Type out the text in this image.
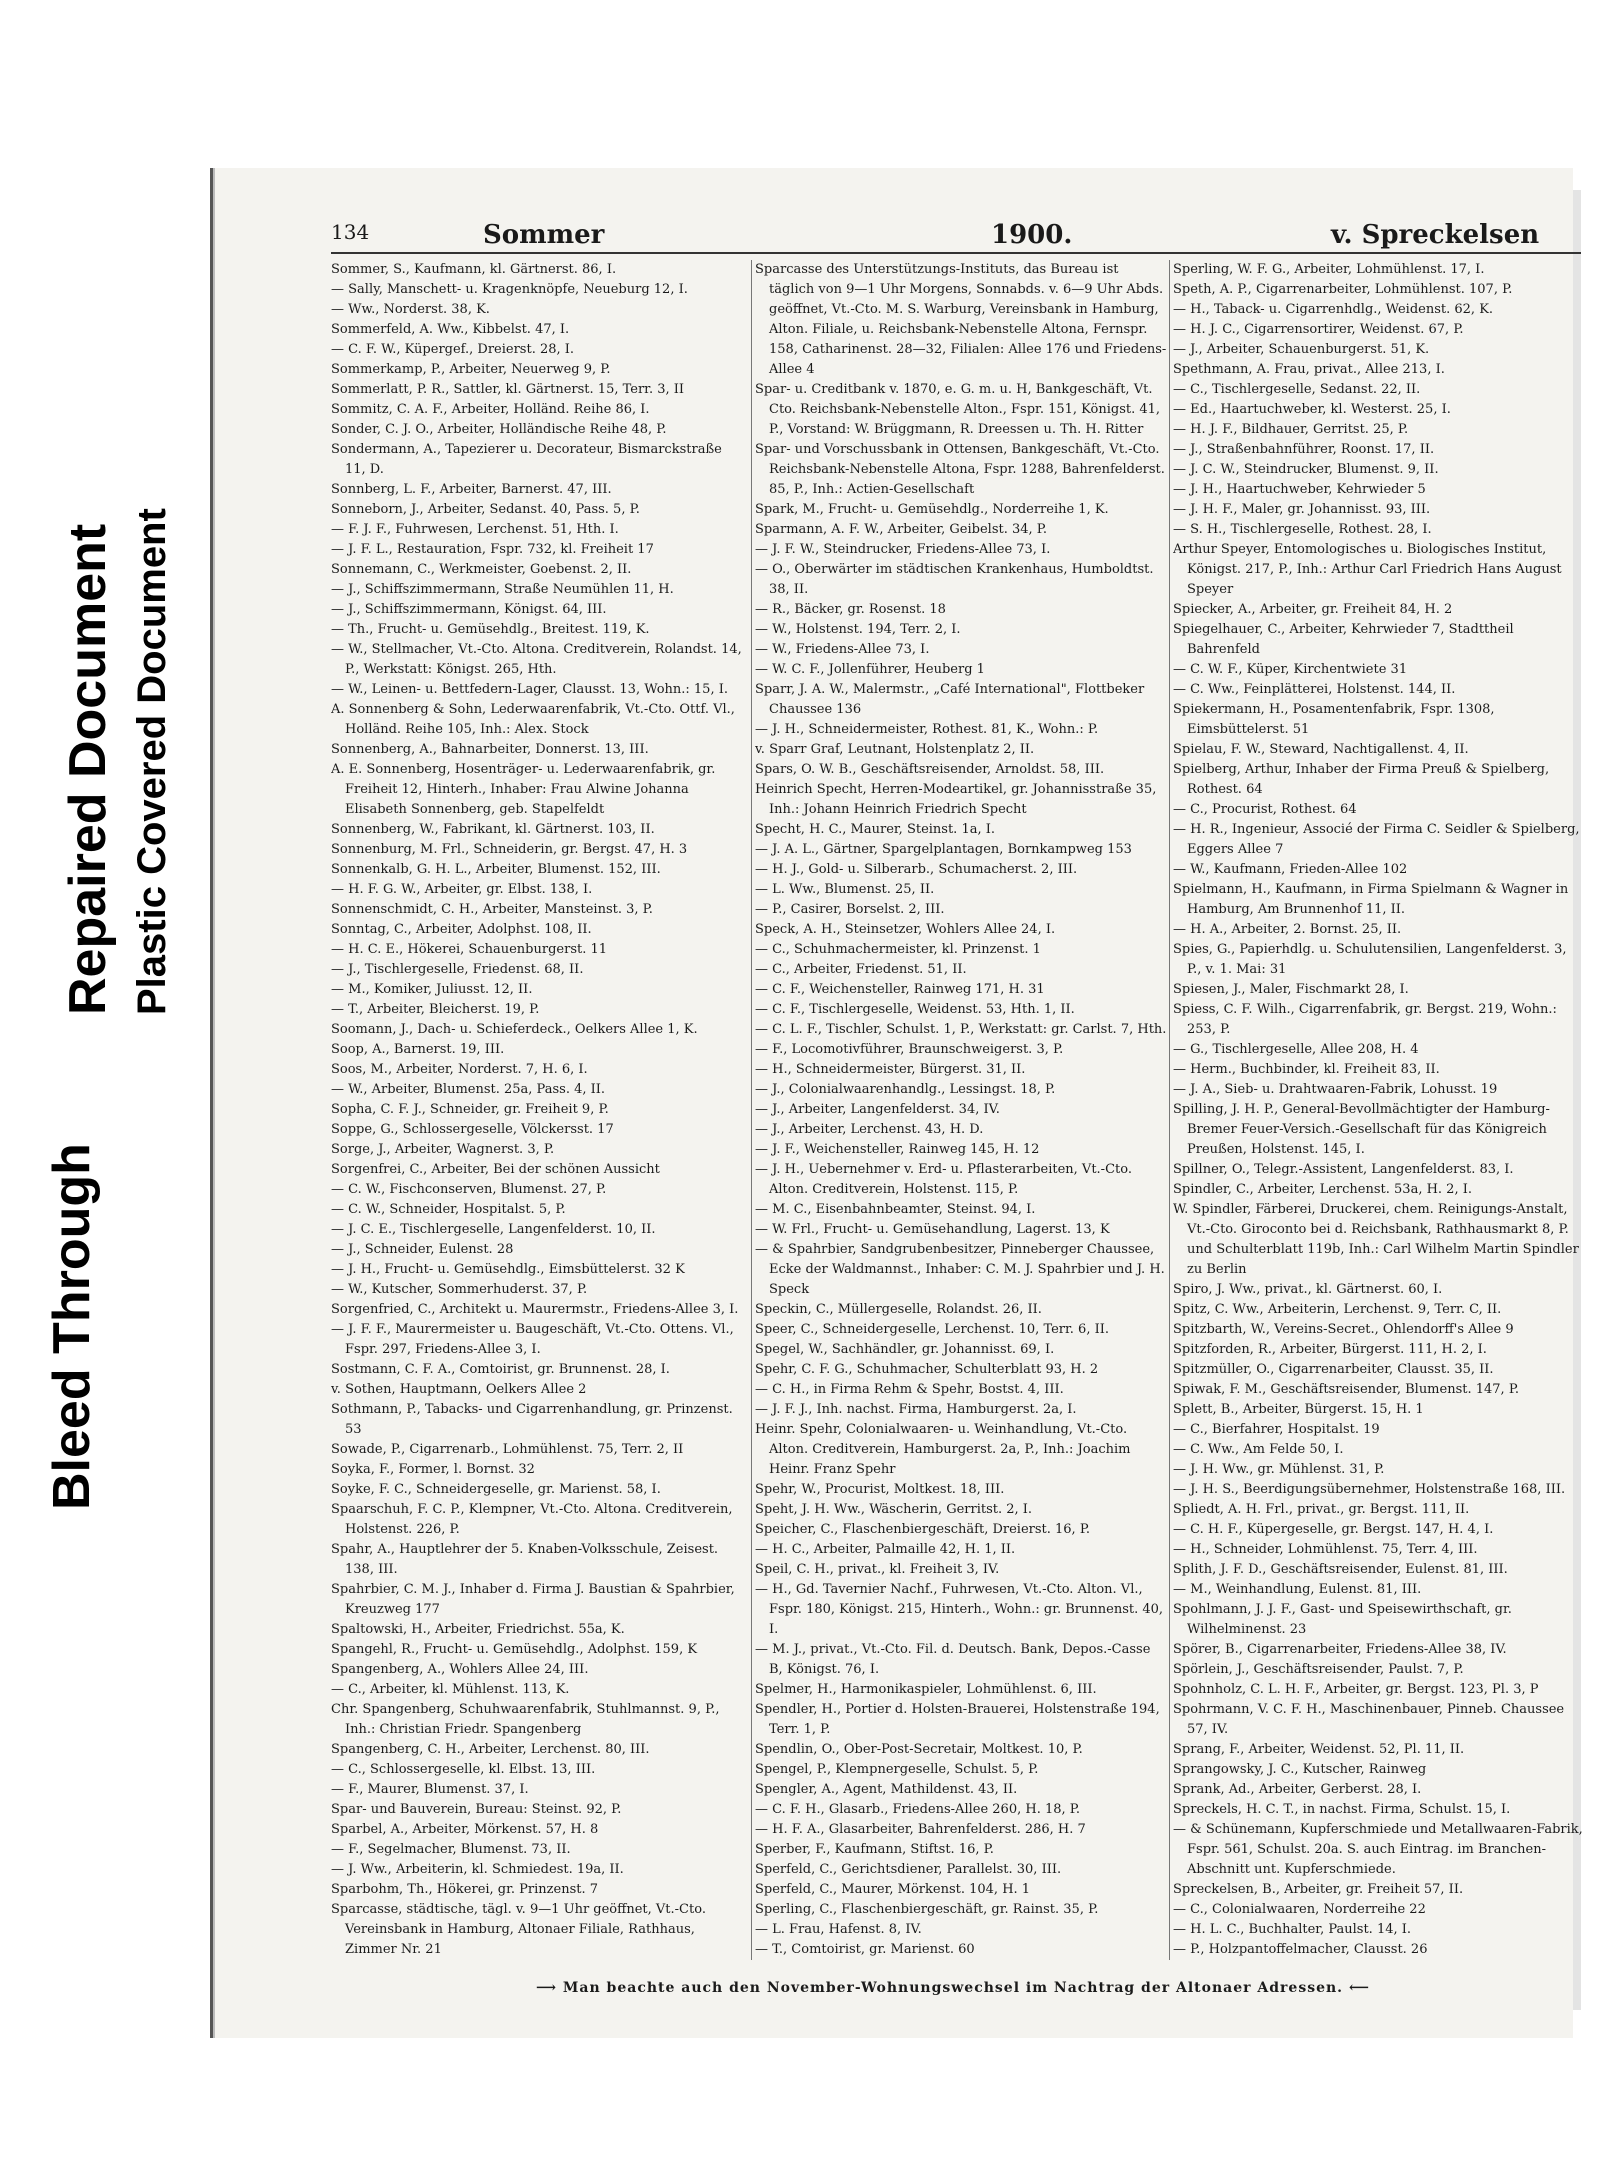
Bleed Through
Repaired Document Plastic Covered Document
134	Sommer	1900.	v. Spreckelsen

Sommer, S., Kaufmann, kl. Gärtnerst. 86, I.

— Sally, Manschett- u. Kragenknöpfe, Neueburg 12, I.

— Ww., Norderst. 38, K.

Sommerfeld, A. Ww., Kibbelst. 47, I.

— C. F. W., Küpergef., Dreierst. 28, I.

Sommerkamp, P., Arbeiter, Neuerweg 9, P.

Sommerlatt, P. R., Sattler, kl. Gärtnerst. 15, Terr. 3, II

Sommitz, C. A. F., Arbeiter, Holländ. Reihe 86, I.

Sonder, C. J. O., Arbeiter, Holländische Reihe 48, P.

Sondermann, A., Tapezierer u. Decorateur, Bismarckstraße 11, D.

Sonnberg, L. F., Arbeiter, Barnerst. 47, III.

Sonneborn, J., Arbeiter, Sedanst. 40, Pass. 5, P.

— F. J. F., Fuhrwesen, Lerchenst. 51, Hth. I.

— J. F. L., Restauration, Fspr. 732, kl. Freiheit 17

Sonnemann, C., Werkmeister, Goebenst. 2, II.

— J., Schiffszimmermann, Straße Neumühlen 11, H.

— J., Schiffszimmermann, Königst. 64, III.

— Th., Frucht- u. Gemüsehdlg., Breitest. 119, K.

— W., Stellmacher, Vt.-Cto. Altona. Creditverein, Rolandst. 14, P., Werkstatt: Königst. 265, Hth.

— W., Leinen- u. Bettfedern-Lager, Clausst. 13, Wohn.: 15, I.

A. Sonnenberg & Sohn, Lederwaarenfabrik, Vt.-Cto. Ottf. Vl., Holländ. Reihe 105, Inh.: Alex. Stock

Sonnenberg, A., Bahnarbeiter, Donnerst. 13, III.

A. E. Sonnenberg, Hosenträger- u. Lederwaarenfabrik, gr. Freiheit 12, Hinterh., Inhaber: Frau Alwine Johanna Elisabeth Sonnenberg, geb. Stapelfeldt

Sonnenberg, W., Fabrikant, kl. Gärtnerst. 103, II.

Sonnenburg, M. Frl., Schneiderin, gr. Bergst. 47, H. 3

Sonnenkalb, G. H. L., Arbeiter, Blumenst. 152, III.

— H. F. G. W., Arbeiter, gr. Elbst. 138, I.

Sonnenschmidt, C. H., Arbeiter, Mansteinst. 3, P.

Sonntag, C., Arbeiter, Adolphst. 108, II.

— H. C. E., Hökerei, Schauenburgerst. 11

— J., Tischlergeselle, Friedenst. 68, II.

— M., Komiker, Juliusst. 12, II.

— T., Arbeiter, Bleicherst. 19, P.

Soomann, J., Dach- u. Schieferdeck., Oelkers Allee 1, K.

Soop, A., Barnerst. 19, III.

Soos, M., Arbeiter, Norderst. 7, H. 6, I.

— W., Arbeiter, Blumenst. 25a, Pass. 4, II.

Sopha, C. F. J., Schneider, gr. Freiheit 9, P.

Soppe, G., Schlossergeselle, Völckersst. 17

Sorge, J., Arbeiter, Wagnerst. 3, P.

Sorgenfrei, C., Arbeiter, Bei der schönen Aussicht

— C. W., Fischconserven, Blumenst. 27, P.

— C. W., Schneider, Hospitalst. 5, P.

— J. C. E., Tischlergeselle, Langenfelderst. 10, II.

— J., Schneider, Eulenst. 28

— J. H., Frucht- u. Gemüsehdlg., Eimsbüttelerst. 32 K

— W., Kutscher, Sommerhuderst. 37, P.

Sorgenfried, C., Architekt u. Maurermstr., Friedens-Allee 3, I.

— J. F. F., Maurermeister u. Baugeschäft, Vt.-Cto. Ottens. Vl., Fspr. 297, Friedens-Allee 3, I.

Sostmann, C. F. A., Comtoirist, gr. Brunnenst. 28, I.

v. Sothen, Hauptmann, Oelkers Allee 2

Sothmann, P., Tabacks- und Cigarrenhandlung, gr. Prinzenst. 53

Sowade, P., Cigarrenarb., Lohmühlenst. 75, Terr. 2, II

Soyka, F., Former, l. Bornst. 32

Soyke, F. C., Schneidergeselle, gr. Marienst. 58, I.

Spaarschuh, F. C. P., Klempner, Vt.-Cto. Altona. Creditverein, Holstenst. 226, P.

Spahr, A., Hauptlehrer der 5. Knaben-Volksschule, Zeisest. 138, III.

Spahrbier, C. M. J., Inhaber d. Firma J. Baustian & Spahrbier, Kreuzweg 177

Spaltowski, H., Arbeiter, Friedrichst. 55a, K.

Spangehl, R., Frucht- u. Gemüsehdlg., Adolphst. 159, K

Spangenberg, A., Wohlers Allee 24, III.

— C., Arbeiter, kl. Mühlenst. 113, K.

Chr. Spangenberg, Schuhwaarenfabrik, Stuhlmannst. 9, P., Inh.: Christian Friedr. Spangenberg

Spangenberg, C. H., Arbeiter, Lerchenst. 80, III.

— C., Schlossergeselle, kl. Elbst. 13, III.

— F., Maurer, Blumenst. 37, I.

Spar- und Bauverein, Bureau: Steinst. 92, P.

Sparbel, A., Arbeiter, Mörkenst. 57, H. 8

— F., Segelmacher, Blumenst. 73, II.

— J. Ww., Arbeiterin, kl. Schmiedest. 19a, II.

Sparbohm, Th., Hökerei, gr. Prinzenst. 7

Sparcasse, städtische, tägl. v. 9—1 Uhr geöffnet, Vt.-Cto. Vereinsbank in Hamburg, Altonaer Filiale, Rathhaus, Zimmer Nr. 21

Sparcasse des Unterstützungs-Instituts, das Bureau ist täglich von 9—1 Uhr Morgens, Sonnabds. v. 6—9 Uhr Abds. geöffnet, Vt.-Cto. M. S. Warburg, Vereinsbank in Hamburg, Alton. Filiale, u. Reichsbank-Nebenstelle Altona, Fernspr. 158, Catharinenst. 28—32, Filialen: Allee 176 und Friedens-Allee 4

Spar- u. Creditbank v. 1870, e. G. m. u. H, Bankgeschäft, Vt. Cto. Reichsbank-Nebenstelle Alton., Fspr. 151, Königst. 41, P., Vorstand: W. Brüggmann, R. Dreessen u. Th. H. Ritter

Spar- und Vorschussbank in Ottensen, Bankgeschäft, Vt.-Cto. Reichsbank-Nebenstelle Altona, Fspr. 1288, Bahrenfelderst. 85, P., Inh.: Actien-Gesellschaft

Spark, M., Frucht- u. Gemüsehdlg., Norderreihe 1, K.

Sparmann, A. F. W., Arbeiter, Geibelst. 34, P.

— J. F. W., Steindrucker, Friedens-Allee 73, I.

— O., Oberwärter im städtischen Krankenhaus, Humboldtst. 38, II.

— R., Bäcker, gr. Rosenst. 18

— W., Holstenst. 194, Terr. 2, I.

— W., Friedens-Allee 73, I.

— W. C. F., Jollenführer, Heuberg 1

Sparr, J. A. W., Malermstr., „Café International", Flottbeker Chaussee 136

— J. H., Schneidermeister, Rothest. 81, K., Wohn.: P.

v. Sparr Graf, Leutnant, Holstenplatz 2, II.

Spars, O. W. B., Geschäftsreisender, Arnoldst. 58, III.

Heinrich Specht, Herren-Modeartikel, gr. Johannisstraße 35, Inh.: Johann Heinrich Friedrich Specht

Specht, H. C., Maurer, Steinst. 1a, I.

— J. A. L., Gärtner, Spargelplantagen, Bornkampweg 153

— H. J., Gold- u. Silberarb., Schumacherst. 2, III.

— L. Ww., Blumenst. 25, II.

— P., Casirer, Borselst. 2, III.

Speck, A. H., Steinsetzer, Wohlers Allee 24, I.

— C., Schuhmachermeister, kl. Prinzenst. 1

— C., Arbeiter, Friedenst. 51, II.

— C. F., Weichensteller, Rainweg 171, H. 31

— C. F., Tischlergeselle, Weidenst. 53, Hth. 1, II.

— C. L. F., Tischler, Schulst. 1, P., Werkstatt: gr. Carlst. 7, Hth.

— F., Locomotivführer, Braunschweigerst. 3, P.

— H., Schneidermeister, Bürgerst. 31, II.

— J., Colonialwaarenhandlg., Lessingst. 18, P.

— J., Arbeiter, Langenfelderst. 34, IV.

— J., Arbeiter, Lerchenst. 43, H. D.

— J. F., Weichensteller, Rainweg 145, H. 12

— J. H., Uebernehmer v. Erd- u. Pflasterarbeiten, Vt.-Cto. Alton. Creditverein, Holstenst. 115, P.

— M. C., Eisenbahnbeamter, Steinst. 94, I.

— W. Frl., Frucht- u. Gemüsehandlung, Lagerst. 13, K

— & Spahrbier, Sandgrubenbesitzer, Pinneberger Chaussee, Ecke der Waldmannst., Inhaber: C. M. J. Spahrbier und J. H. Speck

Speckin, C., Müllergeselle, Rolandst. 26, II.

Speer, C., Schneidergeselle, Lerchenst. 10, Terr. 6, II.

Spegel, W., Sachhändler, gr. Johannisst. 69, I.

Spehr, C. F. G., Schuhmacher, Schulterblatt 93, H. 2

— C. H., in Firma Rehm & Spehr, Bostst. 4, III.

— J. F. J., Inh. nachst. Firma, Hamburgerst. 2a, I.

Heinr. Spehr, Colonialwaaren- u. Weinhandlung, Vt.-Cto. Alton. Creditverein, Hamburgerst. 2a, P., Inh.: Joachim Heinr. Franz Spehr

Spehr, W., Procurist, Moltkest. 18, III.

Speht, J. H. Ww., Wäscherin, Gerritst. 2, I.

Speicher, C., Flaschenbiergeschäft, Dreierst. 16, P.

— H. C., Arbeiter, Palmaille 42, H. 1, II.

Speil, C. H., privat., kl. Freiheit 3, IV.

— H., Gd. Tavernier Nachf., Fuhrwesen, Vt.-Cto. Alton. Vl., Fspr. 180, Königst. 215, Hinterh., Wohn.: gr. Brunnenst. 40, I.

— M. J., privat., Vt.-Cto. Fil. d. Deutsch. Bank, Depos.-Casse B, Königst. 76, I.

Spelmer, H., Harmonikaspieler, Lohmühlenst. 6, III.

Spendler, H., Portier d. Holsten-Brauerei, Holstenstraße 194, Terr. 1, P.

Spendlin, O., Ober-Post-Secretair, Moltkest. 10, P.

Spengel, P., Klempnergeselle, Schulst. 5, P.

Spengler, A., Agent, Mathildenst. 43, II.

— C. F. H., Glasarb., Friedens-Allee 260, H. 18, P.

— H. F. A., Glasarbeiter, Bahrenfelderst. 286, H. 7

Sperber, F., Kaufmann, Stiftst. 16, P.

Sperfeld, C., Gerichtsdiener, Parallelst. 30, III.

Sperfeld, C., Maurer, Mörkenst. 104, H. 1

Sperling, C., Flaschenbiergeschäft, gr. Rainst. 35, P.

— L. Frau, Hafenst. 8, IV.

— T., Comtoirist, gr. Marienst. 60

Sperling, W. F. G., Arbeiter, Lohmühlenst. 17, I.

Speth, A. P., Cigarrenarbeiter, Lohmühlenst. 107, P.

— H., Taback- u. Cigarrenhdlg., Weidenst. 62, K.

— H. J. C., Cigarrensortirer, Weidenst. 67, P.

— J., Arbeiter, Schauenburgerst. 51, K.

Spethmann, A. Frau, privat., Allee 213, I.

— C., Tischlergeselle, Sedanst. 22, II.

— Ed., Haartuchweber, kl. Westerst. 25, I.

— H. J. F., Bildhauer, Gerritst. 25, P.

— J., Straßenbahnführer, Roonst. 17, II.

— J. C. W., Steindrucker, Blumenst. 9, II.

— J. H., Haartuchweber, Kehrwieder 5

— J. H. F., Maler, gr. Johannisst. 93, III.

— S. H., Tischlergeselle, Rothest. 28, I.

Arthur Speyer, Entomologisches u. Biologisches Institut, Königst. 217, P., Inh.: Arthur Carl Friedrich Hans August Speyer

Spiecker, A., Arbeiter, gr. Freiheit 84, H. 2

Spiegelhauer, C., Arbeiter, Kehrwieder 7, Stadttheil Bahrenfeld

— C. W. F., Küper, Kirchentwiete 31

— C. Ww., Feinplätterei, Holstenst. 144, II.

Spiekermann, H., Posamentenfabrik, Fspr. 1308, Eimsbüttelerst. 51

Spielau, F. W., Steward, Nachtigallenst. 4, II.

Spielberg, Arthur, Inhaber der Firma Preuß & Spielberg, Rothest. 64

— C., Procurist, Rothest. 64

— H. R., Ingenieur, Associé der Firma C. Seidler & Spielberg, Eggers Allee 7

— W., Kaufmann, Frieden-Allee 102

Spielmann, H., Kaufmann, in Firma Spielmann & Wagner in Hamburg, Am Brunnenhof 11, II.

— H. A., Arbeiter, 2. Bornst. 25, II.

Spies, G., Papierhdlg. u. Schulutensilien, Langenfelderst. 3, P., v. 1. Mai: 31

Spiesen, J., Maler, Fischmarkt 28, I.

Spiess, C. F. Wilh., Cigarrenfabrik, gr. Bergst. 219, Wohn.: 253, P.

— G., Tischlergeselle, Allee 208, H. 4

— Herm., Buchbinder, kl. Freiheit 83, II.

— J. A., Sieb- u. Drahtwaaren-Fabrik, Lohusst. 19

Spilling, J. H. P., General-Bevollmächtigter der Hamburg-Bremer Feuer-Versich.-Gesellschaft für das Königreich Preußen, Holstenst. 145, I.

Spillner, O., Telegr.-Assistent, Langenfelderst. 83, I.

Spindler, C., Arbeiter, Lerchenst. 53a, H. 2, I.

W. Spindler, Färberei, Druckerei, chem. Reinigungs-Anstalt, Vt.-Cto. Giroconto bei d. Reichsbank, Rathhausmarkt 8, P. und Schulterblatt 119b, Inh.: Carl Wilhelm Martin Spindler zu Berlin

Spiro, J. Ww., privat., kl. Gärtnerst. 60, I.

Spitz, C. Ww., Arbeiterin, Lerchenst. 9, Terr. C, II.

Spitzbarth, W., Vereins-Secret., Ohlendorff's Allee 9

Spitzforden, R., Arbeiter, Bürgerst. 111, H. 2, I.

Spitzmüller, O., Cigarrenarbeiter, Clausst. 35, II.

Spiwak, F. M., Geschäftsreisender, Blumenst. 147, P.

Splett, B., Arbeiter, Bürgerst. 15, H. 1

— C., Bierfahrer, Hospitalst. 19

— C. Ww., Am Felde 50, I.

— J. H. Ww., gr. Mühlenst. 31, P.

— J. H. S., Beerdigungsübernehmer, Holstenstraße 168, III.

Spliedt, A. H. Frl., privat., gr. Bergst. 111, II.

— C. H. F., Küpergeselle, gr. Bergst. 147, H. 4, I.

— H., Schneider, Lohmühlenst. 75, Terr. 4, III.

Splith, J. F. D., Geschäftsreisender, Eulenst. 81, III.

— M., Weinhandlung, Eulenst. 81, III.

Spohlmann, J. J. F., Gast- und Speisewirthschaft, gr. Wilhelminenst. 23

Spörer, B., Cigarrenarbeiter, Friedens-Allee 38, IV.

Spörlein, J., Geschäftsreisender, Paulst. 7, P.

Spohnholz, C. L. H. F., Arbeiter, gr. Bergst. 123, Pl. 3, P

Spohrmann, V. C. F. H., Maschinenbauer, Pinneb. Chaussee 57, IV.

Sprang, F., Arbeiter, Weidenst. 52, Pl. 11, II.

Sprangowsky, J. C., Kutscher, Rainweg

Sprank, Ad., Arbeiter, Gerberst. 28, I.

Spreckels, H. C. T., in nachst. Firma, Schulst. 15, I.

— & Schünemann, Kupferschmiede und Metallwaaren-Fabrik, Fspr. 561, Schulst. 20a. S. auch Eintrag. im Branchen-Abschnitt unt. Kupferschmiede.

Spreckelsen, B., Arbeiter, gr. Freiheit 57, II.

— C., Colonialwaaren, Norderreihe 22

— H. L. C., Buchhalter, Paulst. 14, I.

— P., Holzpantoffelmacher, Clausst. 26

⟶ Man beachte auch den November-Wohnungswechsel im Nachtrag der Altonaer Adressen. ⟵
